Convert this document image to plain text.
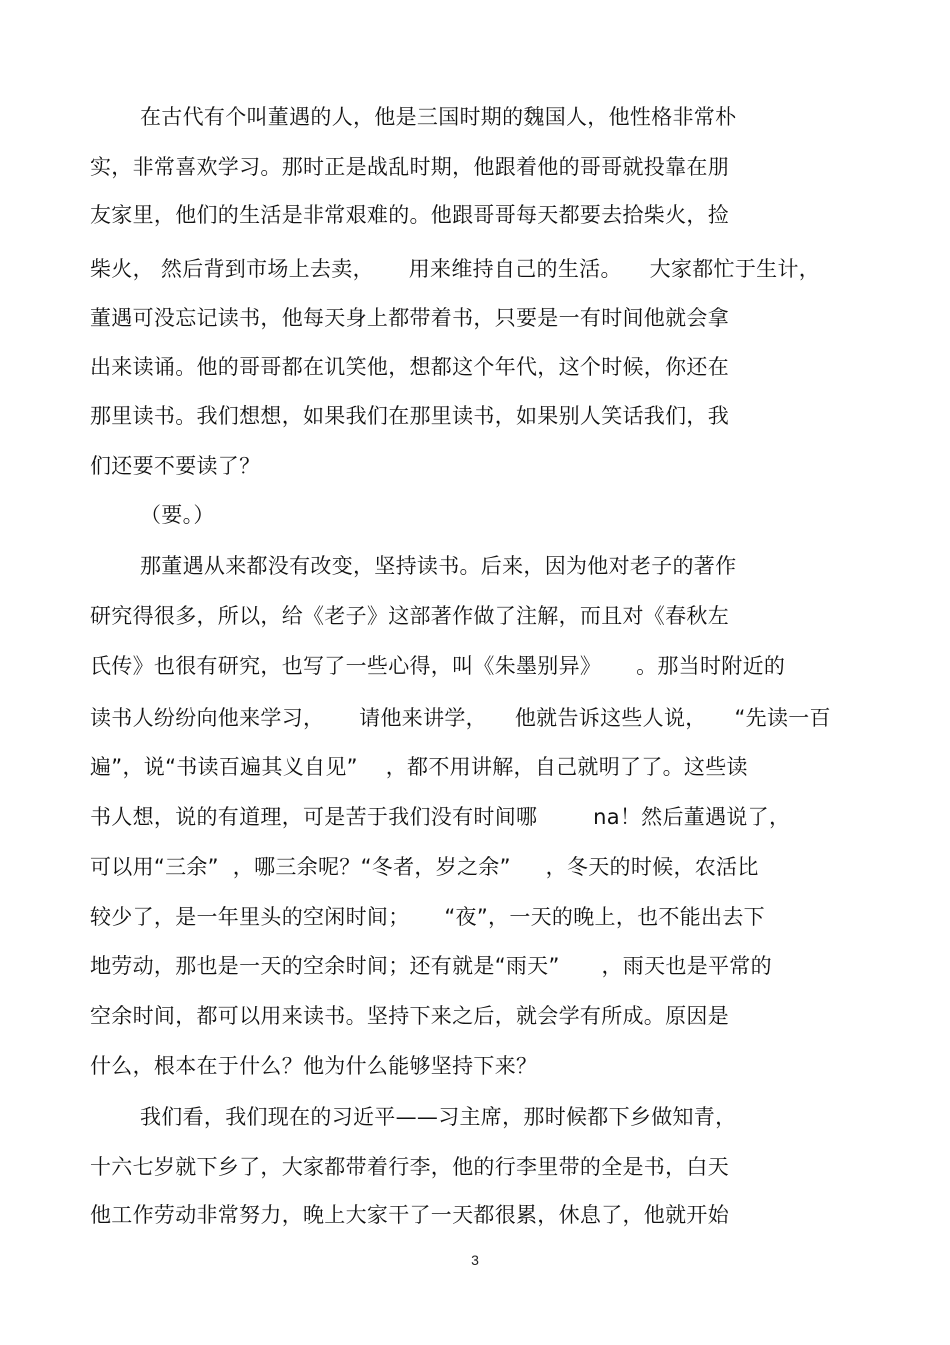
在古代有个叫董遇的人，他是三国时期的魏国人，他性格非常朴
实，非常喜欢学习。那时正是战乱时期，他跟着他的哥哥就投靠在朋
友家里，他们的生活是非常艰难的。他跟哥哥每天都要去拾柴火，捡
柴火， 然后背到市场上去卖，     用来维持自己的生活。    大家都忙于生计，
董遇可没忘记读书，他每天身上都带着书，只要是一有时间他就会拿
出来读诵。他的哥哥都在讥笑他，想都这个年代，这个时候，你还在
那里读书。我们想想，如果我们在那里读书，如果别人笑话我们，我
们还要不要读了？
（要。）
那董遇从来都没有改变，坚持读书。后来，因为他对老子的著作
研究得很多，所以，给《老子》这部著作做了注解，而且对《春秋左
氏传》也很有研究，也写了一些心得，叫《朱墨别异》     。那当时附近的
读书人纷纷向他来学习，     请他来讲学，    他就告诉这些人说，    “先读一百
遍”，说“书读百遍其义自见”    ，都不用讲解，自己就明了了。这些读
书人想，说的有道理，可是苦于我们没有时间哪        na！然后董遇说了，
可以用“三余”  ，哪三余呢？“冬者，岁之余”     ，冬天的时候，农活比
较少了，是一年里头的空闲时间；     “夜”，一天的晚上，也不能出去下
地劳动，那也是一天的空余时间；还有就是“雨天”      ，雨天也是平常的
空余时间，都可以用来读书。坚持下来之后，就会学有所成。原因是
什么，根本在于什么？他为什么能够坚持下来？
我们看，我们现在的习近平——习主席，那时候都下乡做知青，
十六七岁就下乡了，大家都带着行李，他的行李里带的全是书，白天
他工作劳动非常努力，晚上大家干了一天都很累，休息了，他就开始
3
